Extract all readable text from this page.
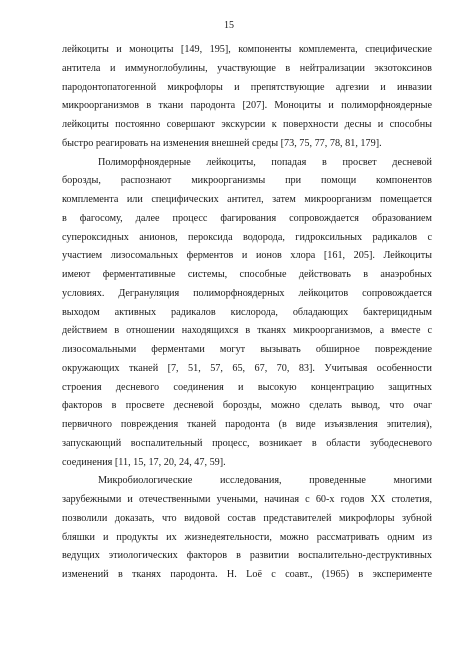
15
лейкоциты и моноциты [149, 195], компоненты комплемента, специфические
антитела и иммуноглобулины, участвующие в нейтрализации экзотоксинов
пародонтопатогенной микрофлоры и препятствующие адгезии и инвазии
микроорганизмов в ткани пародонта [207]. Моноциты и полиморфноядерные
лейкоциты постоянно совершают экскурсии к поверхности десны и способны
быстро реагировать на изменения внешней среды [73, 75, 77, 78, 81, 179].
Полиморфноядерные лейкоциты, попадая в просвет десневой
борозды, распознают микроорганизмы при помощи компонентов
комплемента или специфических антител, затем микроорганизм помещается
в фагосому, далее процесс фагирования сопровождается образованием
супероксидных анионов, пероксида водорода, гидроксильных радикалов с
участием лизосомальных ферментов и ионов хлора [161, 205]. Лейкоциты
имеют ферментативные системы, способные действовать в анаэробных
условиях. Дегрануляция полиморфноядерных лейкоцитов сопровождается
выходом активных радикалов кислорода, обладающих бактерицидным
действием в отношении находящихся в тканях микроорганизмов, а вместе с
лизосомальными ферментами могут вызывать обширное повреждение
окружающих тканей [7, 51, 57, 65, 67, 70, 83]. Учитывая особенности
строения десневого соединения и высокую концентрацию защитных
факторов в просвете десневой борозды, можно сделать вывод, что очаг
первичного повреждения тканей пародонта (в виде изъязвления эпителия),
запускающий воспалительный процесс, возникает в области зубодесневого
соединения [11, 15, 17, 20, 24, 47, 59].
Микробиологические исследования, проведенные многими
зарубежными и отечественными учеными, начиная с 60-х годов XX столетия,
позволили доказать, что видовой состав представителей микрофлоры зубной
бляшки и продукты их жизнедеятельности, можно рассматривать одним из
ведущих этиологических факторов в развитии воспалительно-деструктивных
изменений в тканях пародонта. H. Loё с соавт., (1965) в эксперименте
